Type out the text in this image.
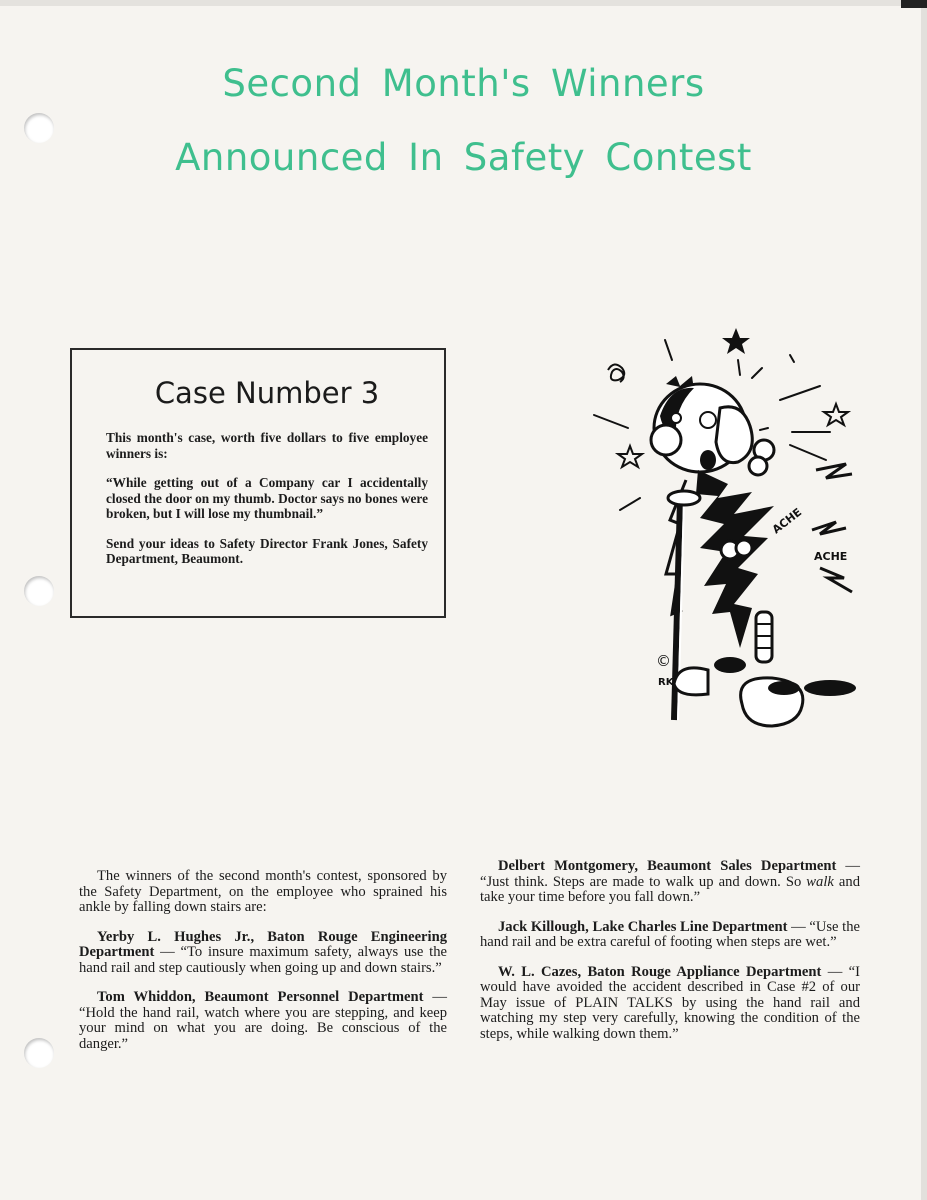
Second Month's Winners
Announced In Safety Contest
Case Number 3

This month's case, worth five dollars to five employee winners is:

“While getting out of a Company car I accidentally closed the door on my thumb. Doctor says no bones were broken, but I will lose my thumbnail.”

Send your ideas to Safety Director Frank Jones, Safety Department, Beaumont.

ACHE
ACHE
©
RK

The winners of the second month's contest, sponsored by the Safety Department, on the employee who sprained his ankle by falling down stairs are:

Yerby L. Hughes Jr., Baton Rouge Engineering Department — “To insure maximum safety, always use the hand rail and step cautiously when going up and down stairs.”

Tom Whiddon, Beaumont Personnel Department — “Hold the hand rail, watch where you are stepping, and keep your mind on what you are doing. Be conscious of the danger.”

Delbert Montgomery, Beaumont Sales Department — “Just think. Steps are made to walk up and down. So walk and take your time before you fall down.”

Jack Killough, Lake Charles Line Department — “Use the hand rail and be extra careful of footing when steps are wet.”

W. L. Cazes, Baton Rouge Appliance Department — “I would have avoided the accident described in Case #2 of our May issue of PLAIN TALKS by using the hand rail and watching my step very carefully, knowing the condition of the steps, while walking down them.”
